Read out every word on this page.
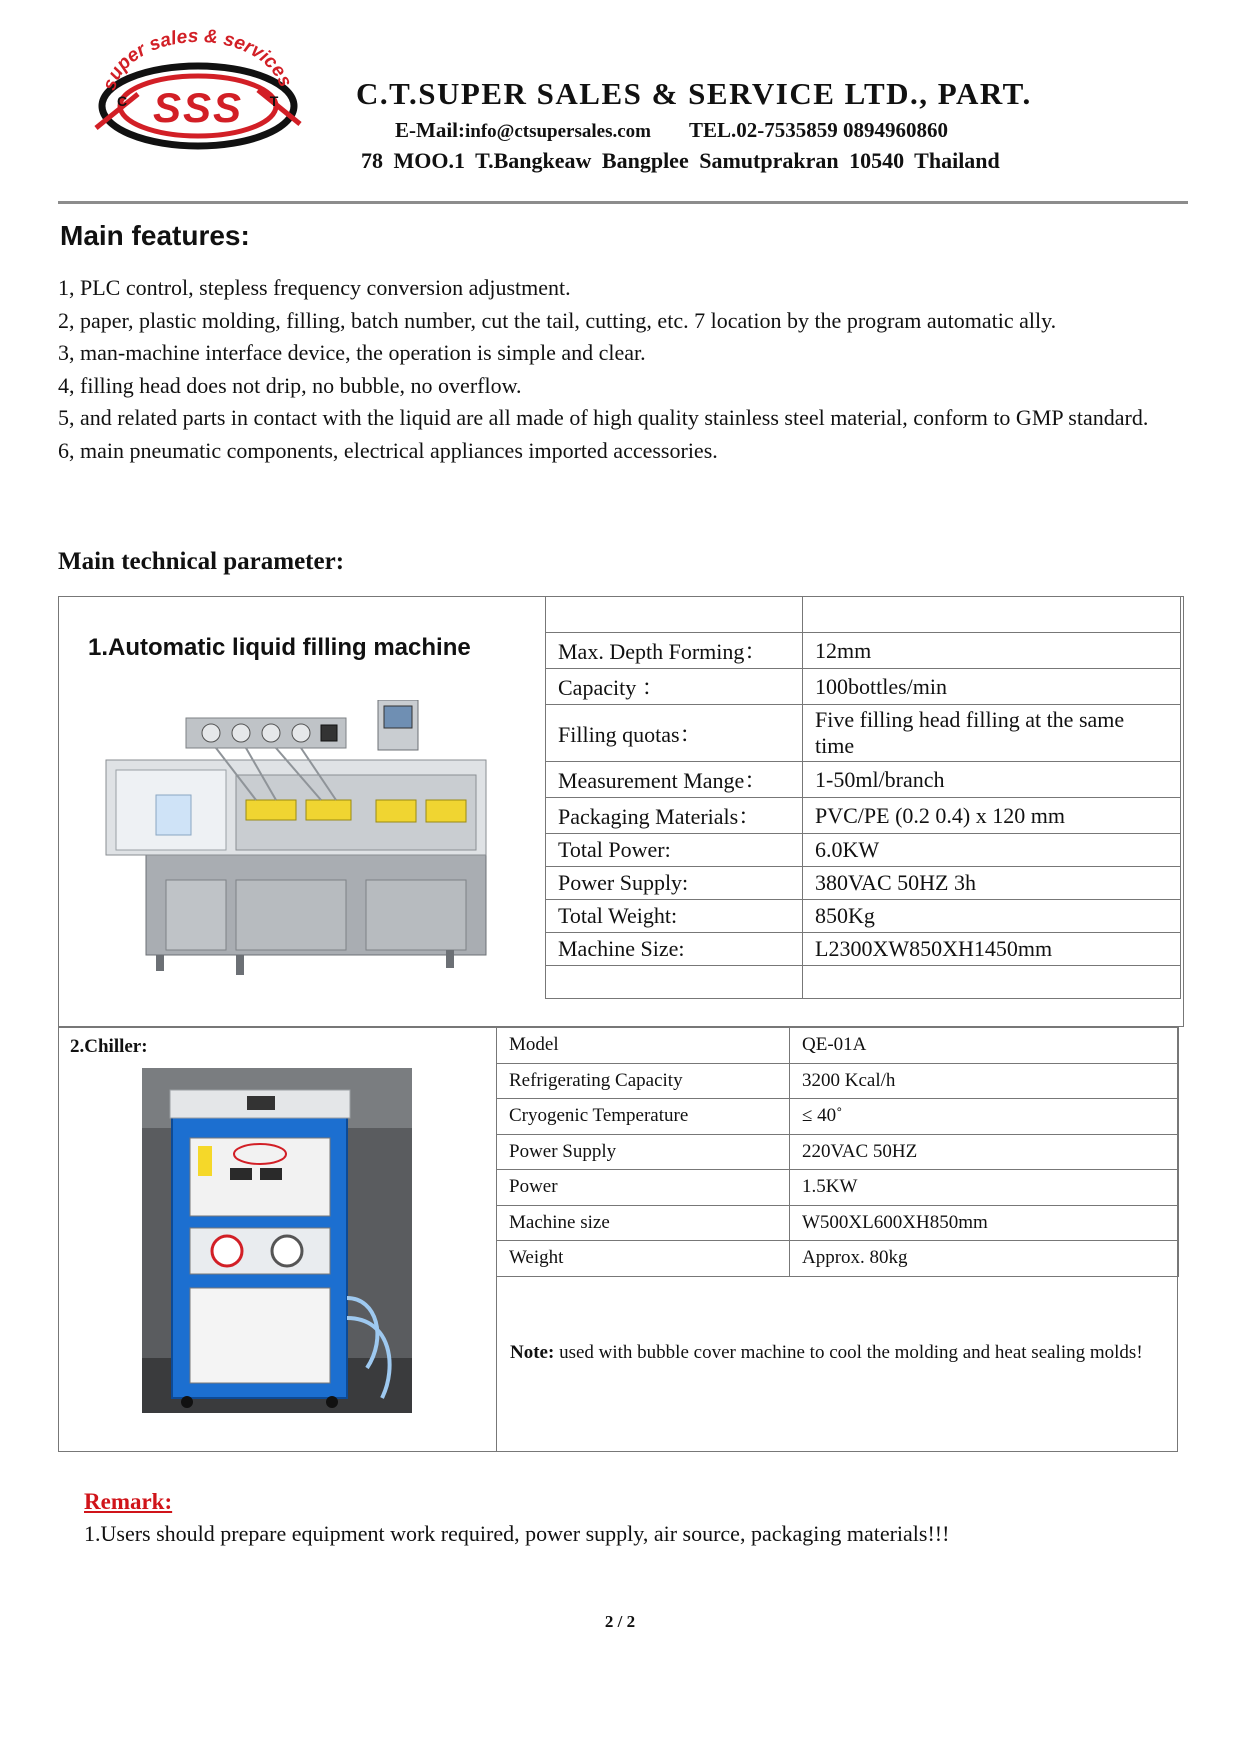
super sales & services
SSS
C	T	C.T.SUPER SALES & SERVICE LTD., PART.
E-Mail:info@ctsupersales.com TEL.02-7535859 0894960860
78 MOO.1 T.Bangkeaw Bangplee Samutprakran 10540 Thailand
Main features:
1, PLC control, stepless frequency conversion adjustment.
2, paper, plastic molding, filling, batch number, cut the tail, cutting, etc. 7 location by the program automatic ally.
3, man-machine interface device, the operation is simple and clear.
4, filling head does not drip, no bubble, no overflow.
5, and related parts in contact with the liquid are all made of high quality stainless steel material, conform to GMP standard.
6, main pneumatic components, electrical appliances imported accessories.
Main technical parameter:
1.Automatic liquid filling machine
		Max. Depth Forming：	12mm
Capacity ：	100bottles/min
Filling quotas：	Five filling head filling at the same time
Measurement Mange：	1-50ml/branch
Packaging Materials：	PVC/PE (0.2 0.4) x 120 mm
Total Power:	6.0KW
Power Supply:	380VAC 50HZ 3h
Total Weight:	850Kg
Machine Size:	L2300XW850XH1450mm

2.Chiller:	Model	QE-01A
Refrigerating Capacity	3200 Kcal/h
Cryogenic Temperature	≤ 40˚
Power Supply	220VAC 50HZ
Power	1.5KW
Machine size	W500XL600XH850mm
Weight	Approx. 80kg
Note: used with bubble cover machine to cool the molding and heat sealing molds!
Remark:
1.Users should prepare equipment work required, power supply, air source, packaging materials!!!
2 / 2
